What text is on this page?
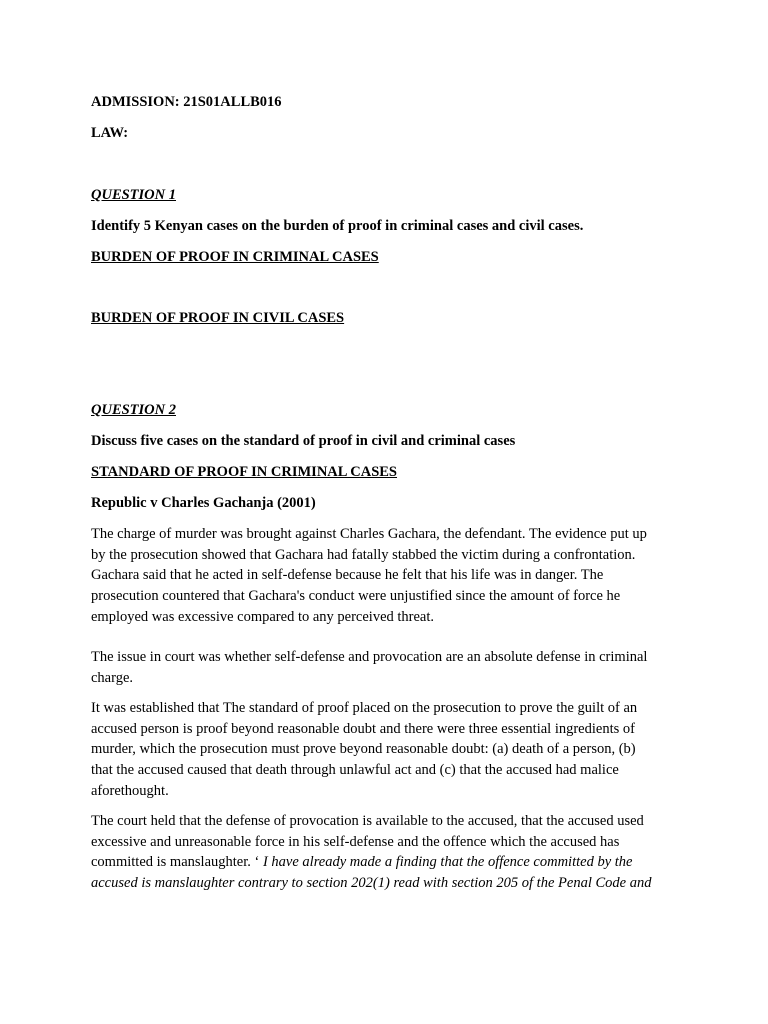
ADMISSION: 21S01ALLB016
LAW:
QUESTION 1
Identify 5 Kenyan cases on the burden of proof in criminal cases and civil cases.
BURDEN OF PROOF IN CRIMINAL CASES
BURDEN OF PROOF IN CIVIL CASES
QUESTION 2
Discuss five cases on the standard of proof in civil and criminal cases
STANDARD OF PROOF IN CRIMINAL CASES
Republic v Charles Gachanja (2001)
The charge of murder was brought against Charles Gachara, the defendant. The evidence put up
by the prosecution showed that Gachara had fatally stabbed the victim during a confrontation.
Gachara said that he acted in self-defense because he felt that his life was in danger. The
prosecution countered that Gachara's conduct were unjustified since the amount of force he
employed was excessive compared to any perceived threat.
The issue in court was whether self-defense and provocation are an absolute defense in criminal
charge.
It was established that The standard of proof placed on the prosecution to prove the guilt of an
accused person is proof beyond reasonable doubt and there were three essential ingredients of
murder, which the prosecution must prove beyond reasonable doubt: (a) death of a person, (b)
that the accused caused that death through unlawful act and (c) that the accused had malice
aforethought.
The court held that the defense of provocation is available to the accused, that the accused used
excessive and unreasonable force in his self-defense and the offence which the accused has
committed is manslaughter. ‘ I have already made a finding that the offence committed by the
accused is manslaughter contrary to section 202(1) read with section 205 of the Penal Code and
